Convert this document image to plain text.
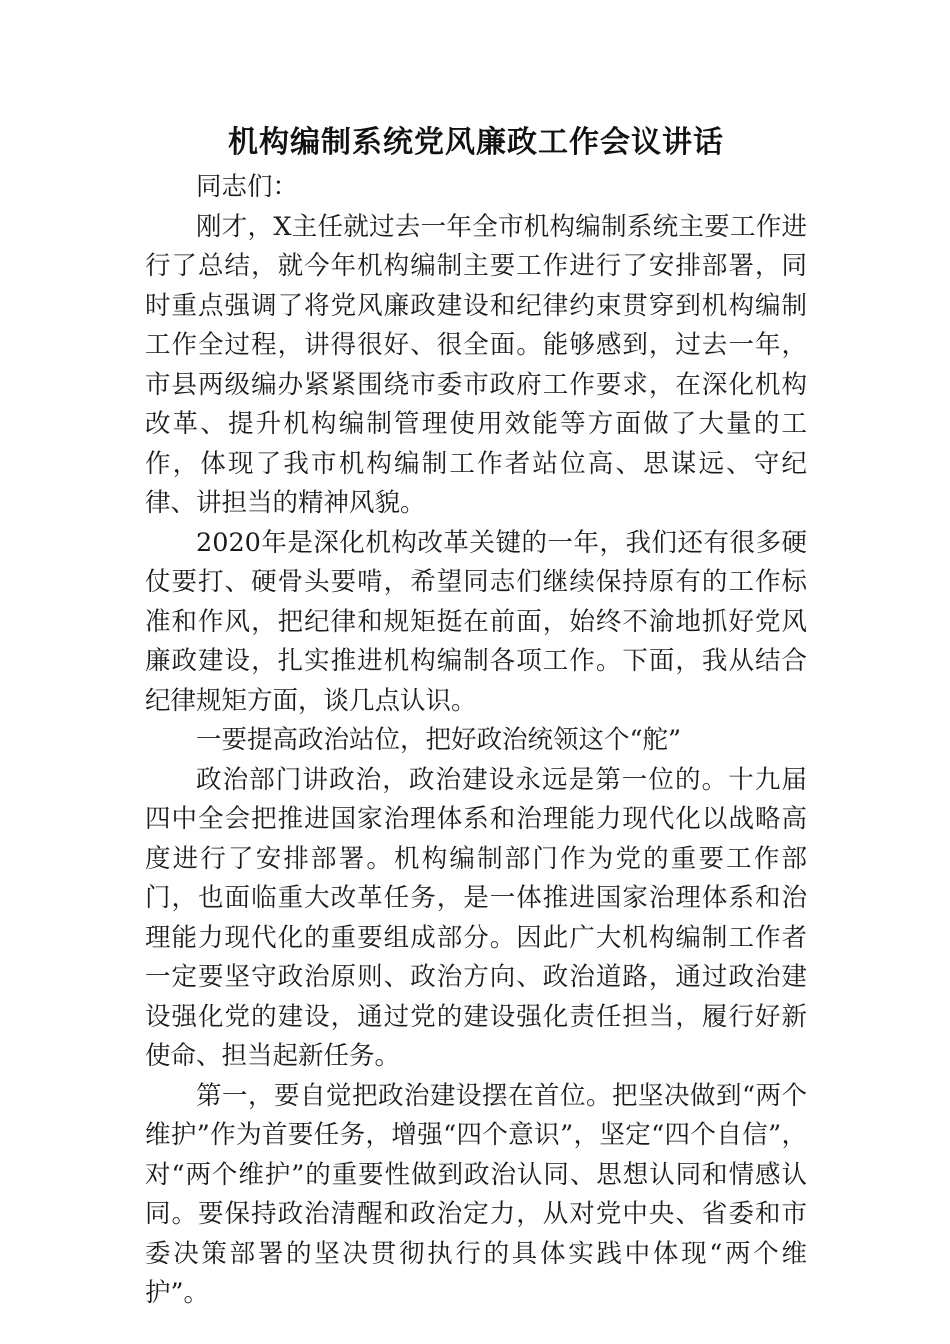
机构编制系统党风廉政工作会议讲话

同志们：

刚才，X主任就过去一年全市机构编制系统主要工作进行了总结，就今年机构编制主要工作进行了安排部署，同时重点强调了将党风廉政建设和纪律约束贯穿到机构编制工作全过程，讲得很好、很全面。能够感到，过去一年，市县两级编办紧紧围绕市委市政府工作要求，在深化机构改革、提升机构编制管理使用效能等方面做了大量的工作，体现了我市机构编制工作者站位高、思谋远、守纪律、讲担当的精神风貌。

2020年是深化机构改革关键的一年，我们还有很多硬仗要打、硬骨头要啃，希望同志们继续保持原有的工作标准和作风，把纪律和规矩挺在前面，始终不渝地抓好党风廉政建设，扎实推进机构编制各项工作。下面，我从结合纪律规矩方面，谈几点认识。

一要提高政治站位，把好政治统领这个“舵”

政治部门讲政治，政治建设永远是第一位的。十九届四中全会把推进国家治理体系和治理能力现代化以战略高度进行了安排部署。机构编制部门作为党的重要工作部门，也面临重大改革任务，是一体推进国家治理体系和治理能力现代化的重要组成部分。因此广大机构编制工作者一定要坚守政治原则、政治方向、政治道路，通过政治建设强化党的建设，通过党的建设强化责任担当，履行好新使命、担当起新任务。

第一，要自觉把政治建设摆在首位。把坚决做到“两个维护”作为首要任务，增强“四个意识”，坚定“四个自信”，对“两个维护”的重要性做到政治认同、思想认同和情感认同。要保持政治清醒和政治定力，从对党中央、省委和市委决策部署的坚决贯彻执行的具体实践中体现“两个维护”。
